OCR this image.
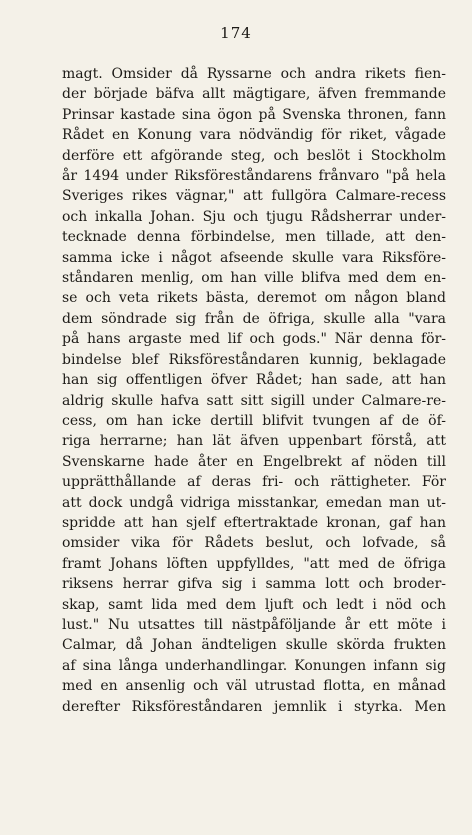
174
magt. Omsider då Ryssarne och andra rikets fien-
der började bäfva allt mägtigare, äfven fremmande
Prinsar kastade sina ögon på Svenska thronen, fann
Rådet en Konung vara nödvändig för riket, vågade
derföre ett afgörande steg, och beslöt i Stockholm
år 1494 under Riksföreståndarens frånvaro "på hela
Sveriges rikes vägnar," att fullgöra Calmare-recess
och inkalla Johan. Sju och tjugu Rådsherrar under-
tecknade denna förbindelse, men tillade, att den-
samma icke i något afseende skulle vara Riksföre-
ståndaren menlig, om han ville blifva med dem en-
se och veta rikets bästa, deremot om någon bland
dem söndrade sig från de öfriga, skulle alla "vara
på hans argaste med lif och gods." När denna för-
bindelse blef Riksföreståndaren kunnig, beklagade
han sig offentligen öfver Rådet; han sade, att han
aldrig skulle hafva satt sitt sigill under Calmare-re-
cess, om han icke dertill blifvit tvungen af de öf-
riga herrarne; han lät äfven uppenbart förstå, att
Svenskarne hade åter en Engelbrekt af nöden till
upprätthållande af deras fri- och rättigheter. För
att dock undgå vidriga misstankar, emedan man ut-
spridde att han sjelf eftertraktade kronan, gaf han
omsider vika för Rådets beslut, och lofvade, så
framt Johans löften uppfylldes, "att med de öfriga
riksens herrar gifva sig i samma lott och broder-
skap, samt lida med dem ljuft och ledt i nöd och
lust." Nu utsattes till nästpåföljande år ett möte i
Calmar, då Johan ändteligen skulle skörda frukten
af sina långa underhandlingar. Konungen infann sig
med en ansenlig och väl utrustad flotta, en månad
derefter Riksföreståndaren jemnlik i styrka. Men
